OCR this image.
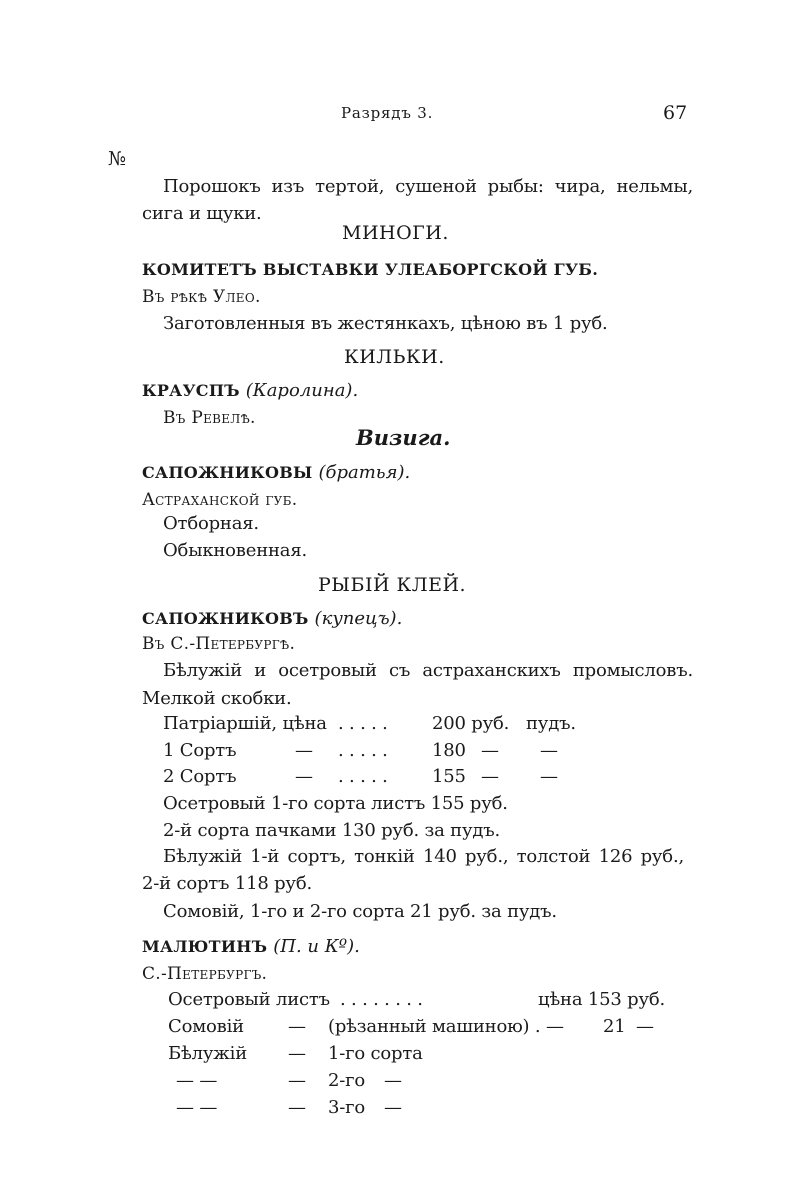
Разрядъ 3.	67
№
Порошокъ изъ тертой, сушеной рыбы: чира, нельмы,
сига и щуки.
МИНОГИ.
КОМИТЕТЪ ВЫСТАВКИ УЛЕАБОРГСКОЙ ГУБ.
Въ рѣкѣ Улео.
Заготовленныя въ жестянкахъ, цѣною въ 1 руб.
КИЛЬКИ.
КРАУСПЪ (Каролина).
Въ Ревелѣ.
Визига.
САПОЖНИКОВЫ (братья).
Астраханской губ.
Отборная.
Обыкновенная.
РЫБІЙ КЛЕЙ.
САПОЖНИКОВЪ (купецъ).
Въ С.-Петербургѣ.
Бѣлужій и осетровый съ астраханскихъ промысловъ.
Мелкой скобки.
Патріаршій, цѣна . . . . . 200 руб. пудъ.
1 Сортъ	— . . . . . 180 — —
2 Сортъ	— . . . . . 155 — —
Осетровый 1-го сорта листъ 155 руб.
2-й сорта пачками 130 руб. за пудъ.
Бѣлужій 1-й сортъ, тонкій 140 руб., толстой 126 руб.,
2-й сортъ 118 руб.
Сомовій, 1-го и 2-го сорта 21 руб. за пудъ.
МАЛЮТИНЪ (П. и Кº).
С.-Петербургъ.
Осетровый листъ . . . . . . . .	цѣна 153 руб.
Сомовій — (рѣзанный машиною) . — 21 —
Бѣлужій — 1-го сорта
— —	— 2-го —
— —	— 3-го —
